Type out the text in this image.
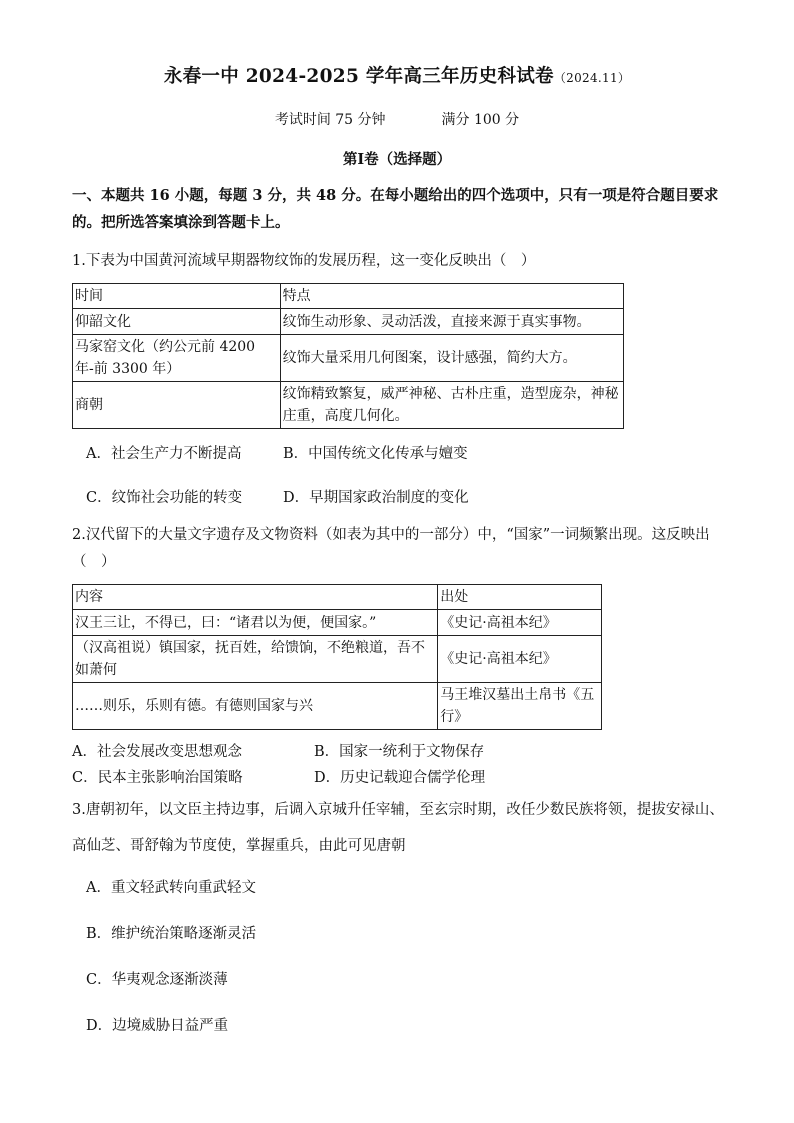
永春一中 2024-2025 学年高三年历史科试卷（2024.11）
考试时间 75 分钟	满分 100 分
第Ⅰ卷（选择题）
一、本题共 16 小题，每题 3 分，共 48 分。在每小题给出的四个选项中，只有一项是符合题目要求的。把所选答案填涂到答题卡上。
1.下表为中国黄河流域早期器物纹饰的发展历程，这一变化反映出（　）
时间	特点
仰韶文化	纹饰生动形象、灵动活泼，直接来源于真实事物。
马家窑文化（约公元前 4200 年-前 3300 年）	纹饰大量采用几何图案，设计感强，简约大方。
商朝	纹饰精致繁复，威严神秘、古朴庄重，造型庞杂，神秘庄重，高度几何化。
A．社会生产力不断提高	B．中国传统文化传承与嬗变
C．纹饰社会功能的转变	D．早期国家政治制度的变化
2.汉代留下的大量文字遗存及文物资料（如表为其中的一部分）中，“国家”一词频繁出现。这反映出（　）
内容	出处
汉王三让，不得已，曰：“诸君以为便，便国家。”	《史记·高祖本纪》
（汉高祖说）镇国家，抚百姓，给馈饷，不绝粮道，吾不如萧何	《史记·高祖本纪》
……则乐，乐则有德。有德则国家与兴	马王堆汉墓出土帛书《五行》
A．社会发展改变思想观念	B．国家一统利于文物保存
C．民本主张影响治国策略	D．历史记载迎合儒学伦理
3.唐朝初年，以文臣主持边事，后调入京城升任宰辅，至玄宗时期，改任少数民族将领，提拔安禄山、高仙芝、哥舒翰为节度使，掌握重兵，由此可见唐朝
A．重文轻武转向重武轻文
B．维护统治策略逐渐灵活
C．华夷观念逐渐淡薄
D．边境威胁日益严重
